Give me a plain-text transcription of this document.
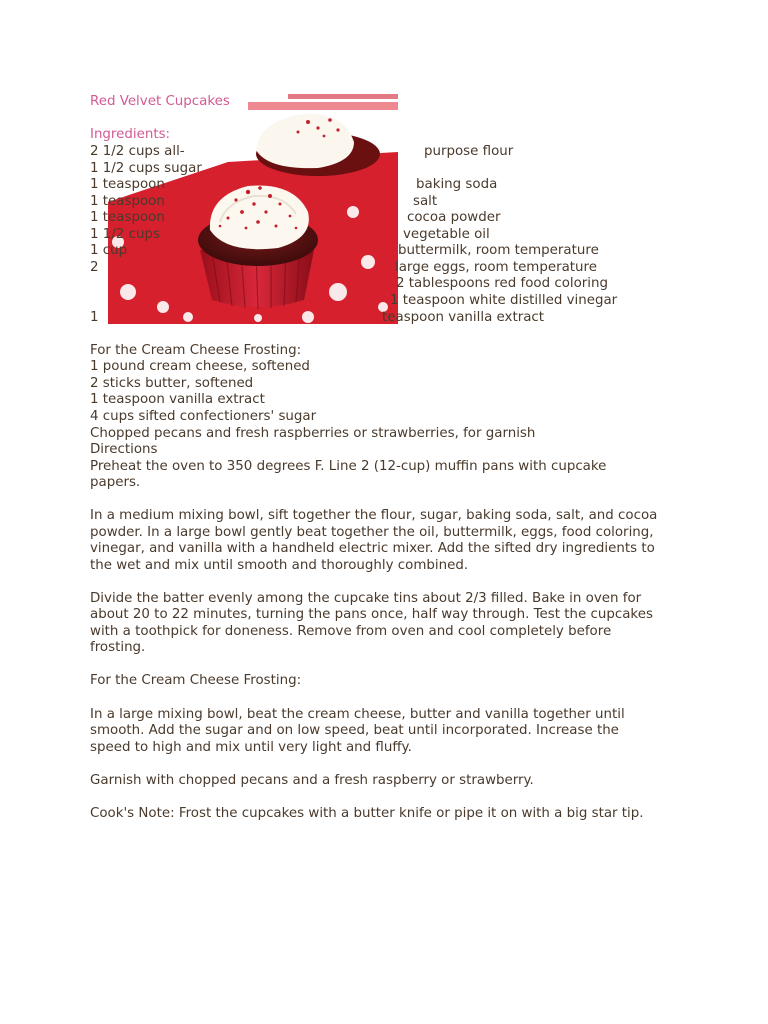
Red Velvet Cupcakes
Ingredients:
2 1/2 cups all-	purpose flour
1 1/2 cups sugar
1 teaspoon	baking soda
1 teaspoon	salt
1 teaspoon	cocoa powder
1 1/2 cups	vegetable oil
1 cup	buttermilk, room temperature
2	large eggs, room temperature
2 tablespoons red food coloring
1 teaspoon white distilled vinegar
1	teaspoon vanilla extract
For the Cream Cheese Frosting:
1 pound cream cheese, softened
2 sticks butter, softened
1 teaspoon vanilla extract
4 cups sifted confectioners' sugar
Chopped pecans and fresh raspberries or strawberries, for garnish
Directions
Preheat the oven to 350 degrees F. Line 2 (12-cup) muffin pans with cupcake
papers.
In a medium mixing bowl, sift together the flour, sugar, baking soda, salt, and cocoa
powder. In a large bowl gently beat together the oil, buttermilk, eggs, food coloring,
vinegar, and vanilla with a handheld electric mixer. Add the sifted dry ingredients to
the wet and mix until smooth and thoroughly combined.
Divide the batter evenly among the cupcake tins about 2/3 filled. Bake in oven for
about 20 to 22 minutes, turning the pans once, half way through. Test the cupcakes
with a toothpick for doneness. Remove from oven and cool completely before
frosting.
For the Cream Cheese Frosting:
In a large mixing bowl, beat the cream cheese, butter and vanilla together until
smooth. Add the sugar and on low speed, beat until incorporated. Increase the
speed to high and mix until very light and fluffy.
Garnish with chopped pecans and a fresh raspberry or strawberry.
Cook's Note: Frost the cupcakes with a butter knife or pipe it on with a big star tip.
